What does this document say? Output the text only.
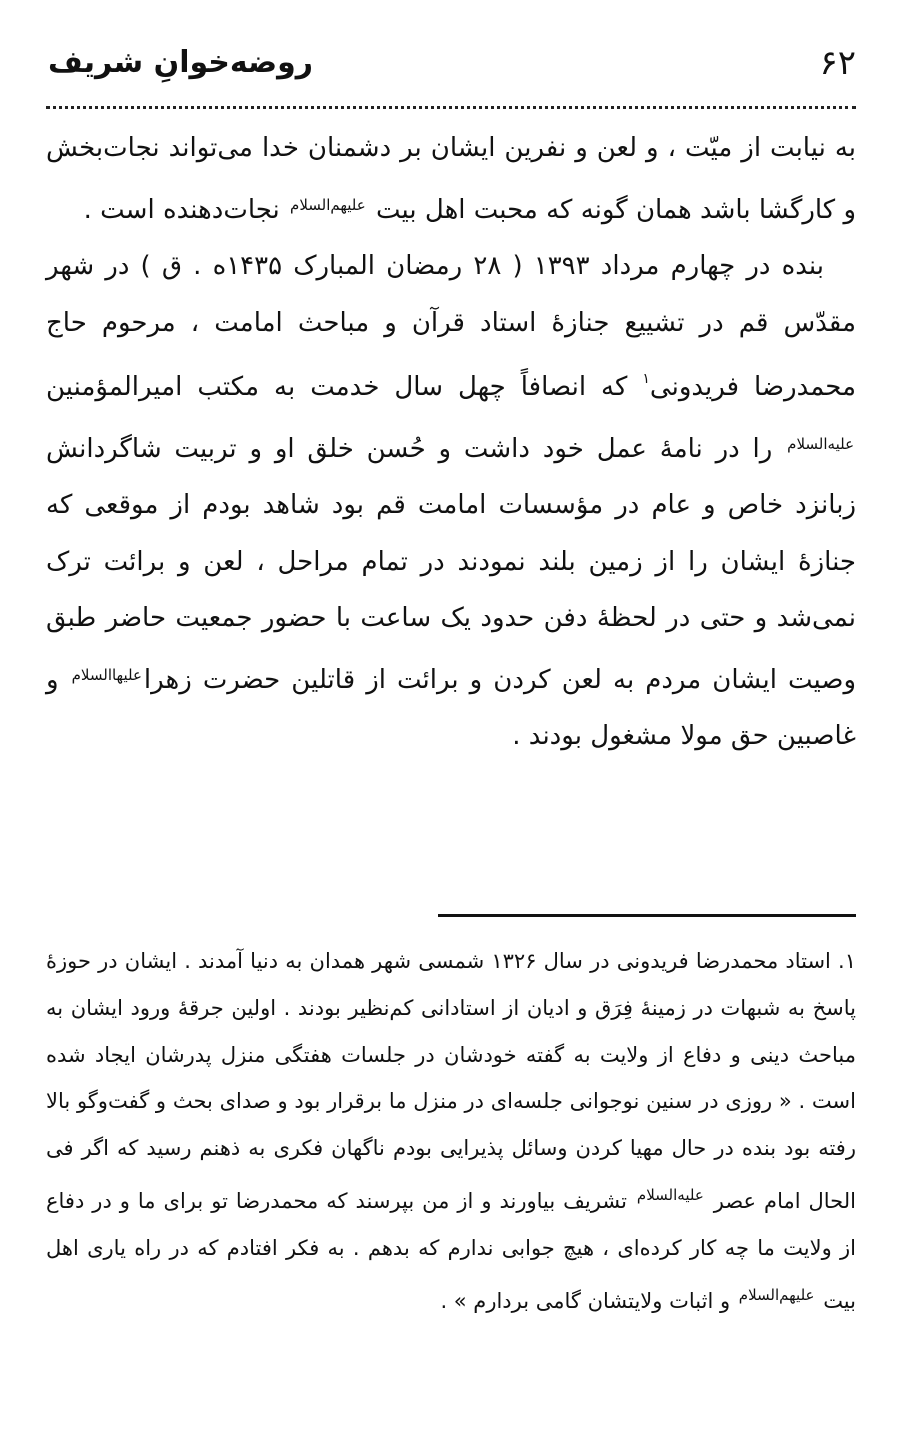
۶۲
روضه‌خوانِ شریف

به نیابت از میّت ، و لعن و نفرین ایشان بر دشمنان خدا می‌تواند نجات‌بخش و کارگشا باشد همان گونه که محبت اهل بیت $^{علیهم‌السلام}$ نجات‌دهنده است .

بنده در چهارم مرداد ۱۳۹۳ ( ۲۸ رمضان المبارک ۱۴۳۵ه . ق ) در شهر مقدّس قم در تشییع جنازهٔ استاد قرآن و مباحث امامت ، مرحوم حاج محمدرضا فریدونی$^۱$ که انصافاً چهل سال خدمت به مکتب امیرالمؤمنین $^{علیه‌السلام}$ را در نامهٔ عمل خود داشت و حُسن خلق او و تربیت شاگردانش زبانزد خاص و عام در مؤسسات امامت قم بود شاهد بودم از موقعی که جنازهٔ ایشان را از زمین بلند نمودند در تمام مراحل ، لعن و برائت ترک نمی‌شد و حتی در لحظهٔ دفن حدود یک ساعت با حضور جمعیت حاضر طبق وصیت ایشان مردم به لعن کردن و برائت از قاتلین حضرت زهرا$^{علیهاالسلام}$ و غاصبین حق مولا مشغول بودند .

۱. استاد محمدرضا فریدونی در سال ۱۳۲۶ شمسی شهر همدان به دنیا آمدند . ایشان در حوزهٔ پاسخ به شبهات در زمینهٔ فِرَق و ادیان از استادانی کم‌نظیر بودند . اولین جرقهٔ ورود ایشان به مباحث دینی و دفاع از ولایت به گفته خودشان در جلسات هفتگی منزل پدرشان ایجاد شده است . « روزی در سنین نوجوانی جلسه‌ای در منزل ما برقرار بود و صدای بحث و گفت‌وگو بالا رفته بود بنده در حال مهیا کردن وسائل پذیرایی بودم ناگهان فکری به ذهنم رسید که اگر فی الحال امام عصر $^{علیه‌السلام}$ تشریف بیاورند و از من بپرسند که محمدرضا تو برای ما و در دفاع از ولایت ما چه کار کرده‌ای ، هیچ جوابی ندارم که بدهم . به فکر افتادم که در راه یاری اهل بیت $^{علیهم‌السلام}$ و اثبات ولایتشان گامی بردارم » .
